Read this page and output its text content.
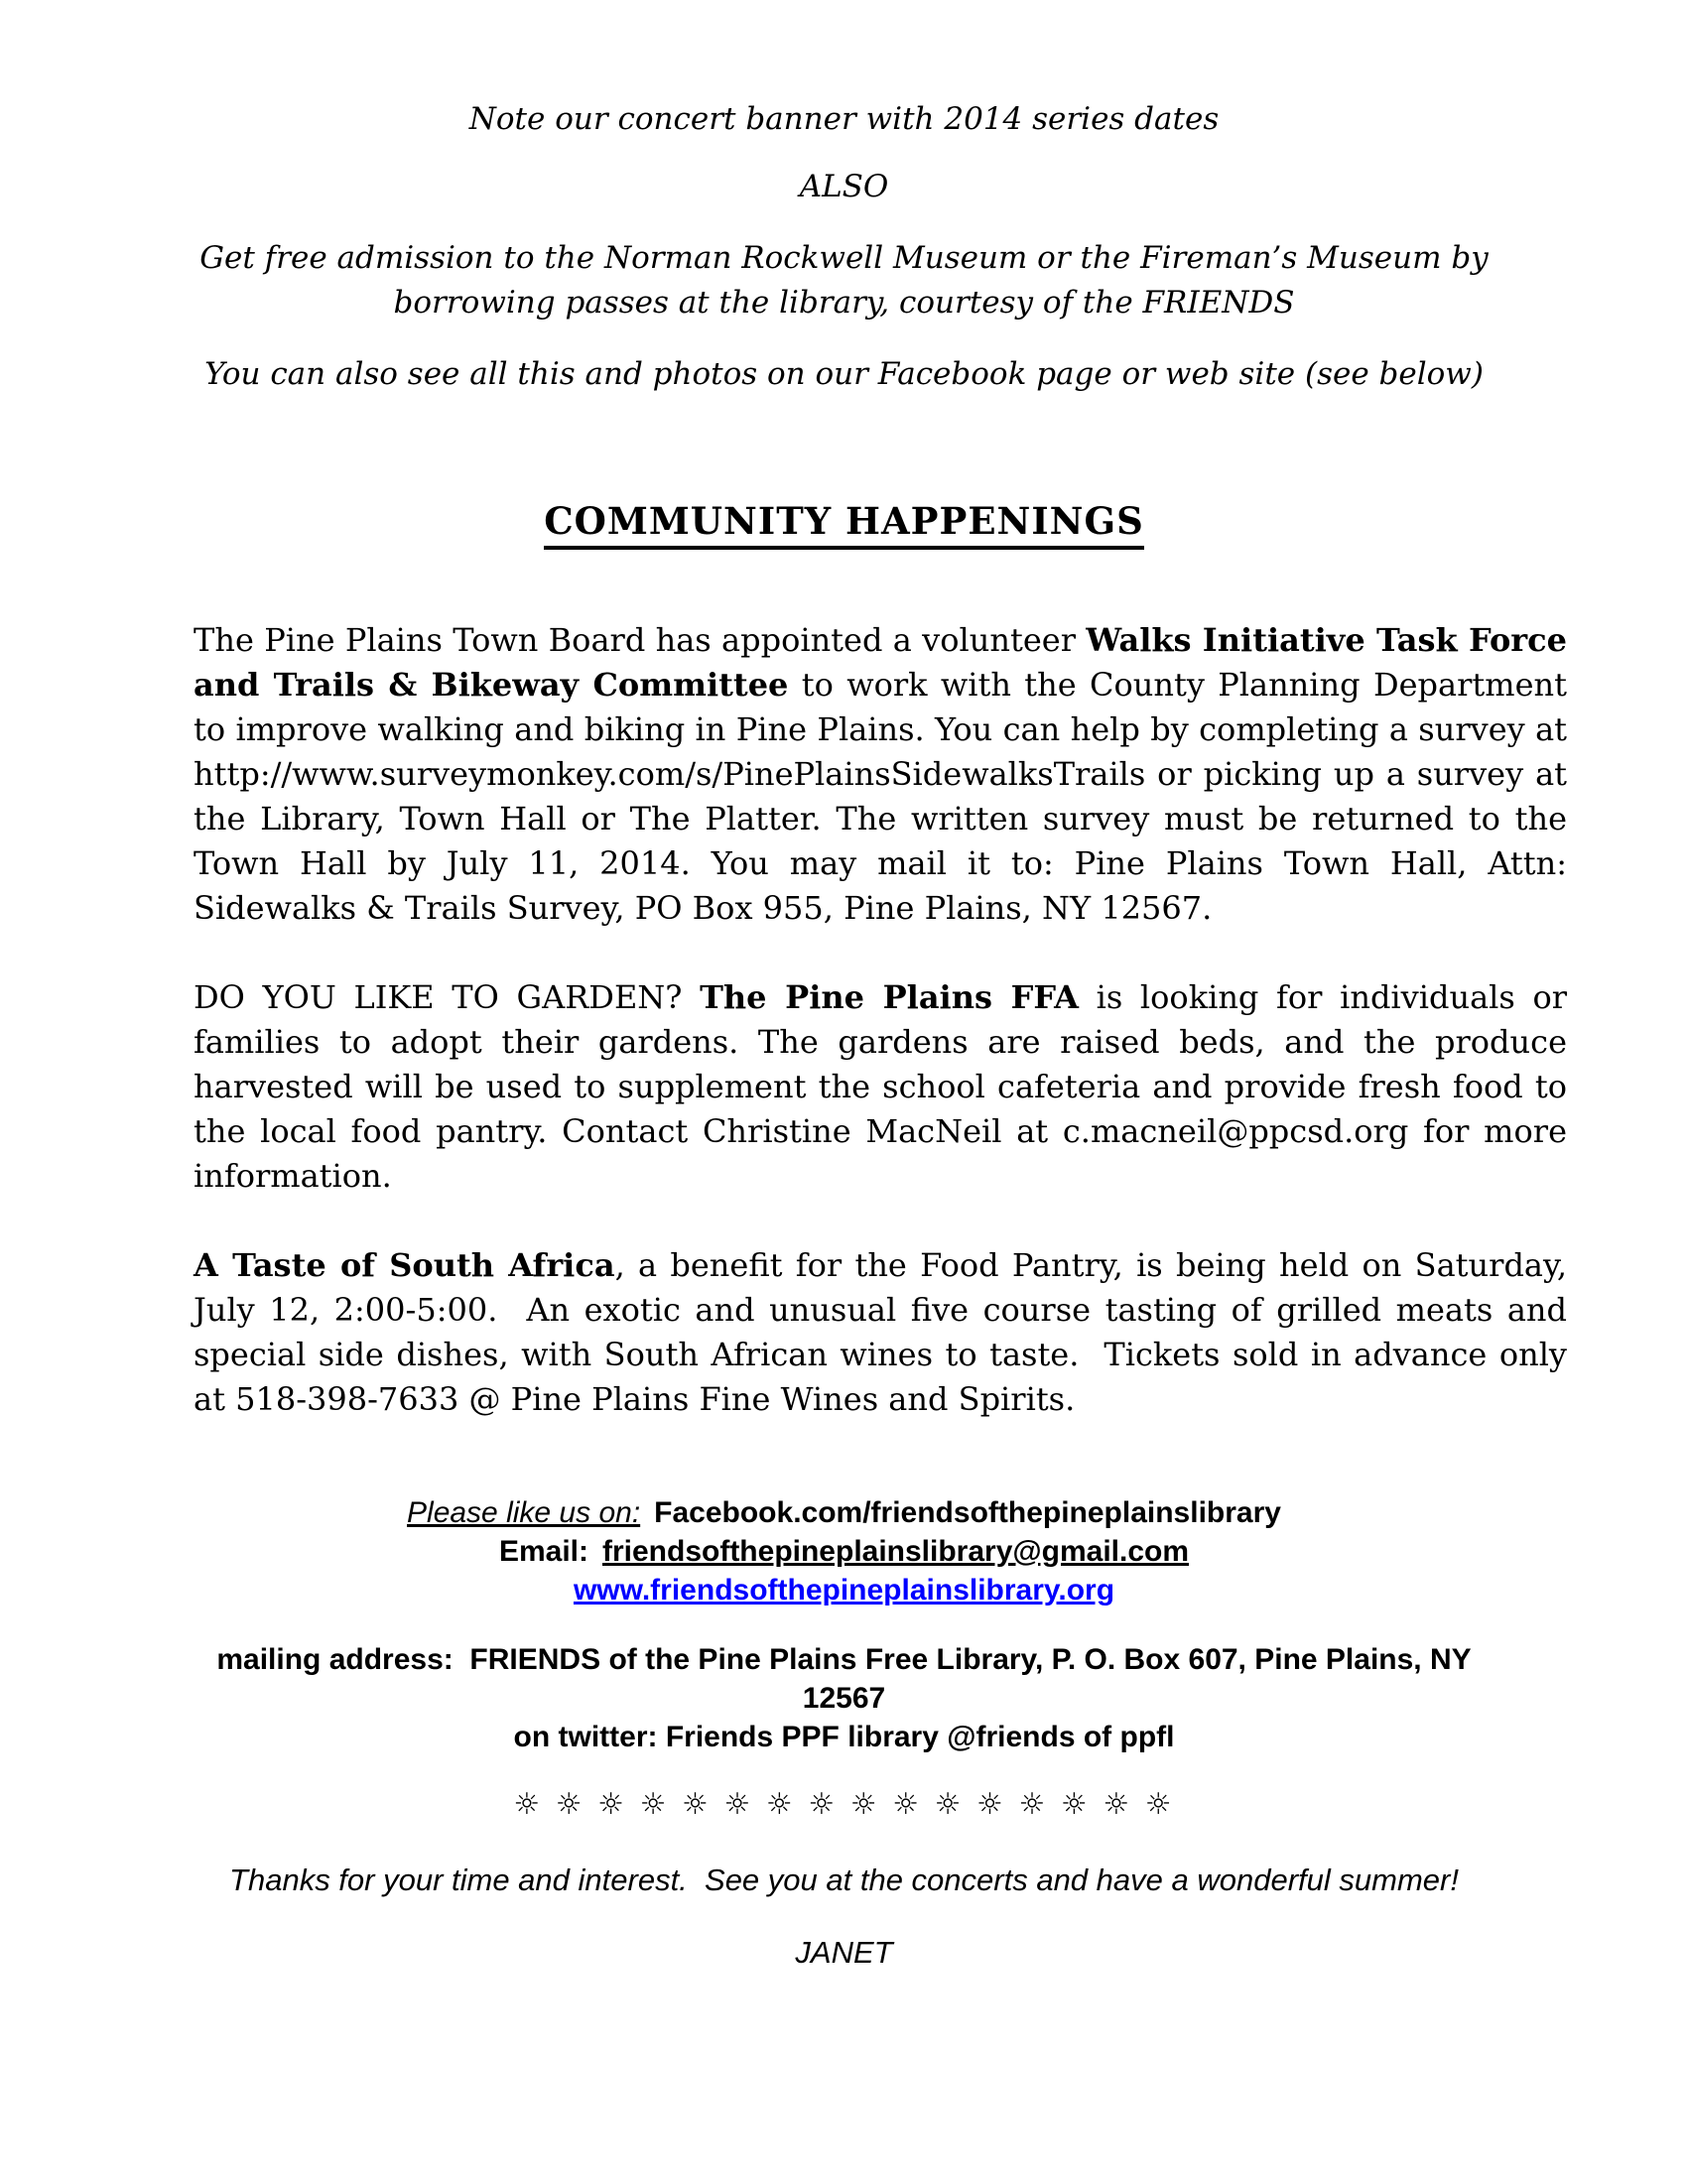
Note our concert banner with 2014 series dates

ALSO

Get free admission to the Norman Rockwell Museum or the Fireman’s Museum by borrowing passes at the library, courtesy of the FRIENDS

You can also see all this and photos on our Facebook page or web site (see below)

COMMUNITY HAPPENINGS

The Pine Plains Town Board has appointed a volunteer Walks Initiative Task Force and Trails & Bikeway Committee to work with the County Planning Department to improve walking and biking in Pine Plains. You can help by completing a survey at http://www.surveymonkey.com/s/PinePlainsSidewalksTrails or picking up a survey at the Library, Town Hall or The Platter. The written survey must be returned to the Town Hall by July 11, 2014. You may mail it to: Pine Plains Town Hall, Attn: Sidewalks & Trails Survey, PO Box 955, Pine Plains, NY 12567.

DO YOU LIKE TO GARDEN? The Pine Plains FFA is looking for individuals or families to adopt their gardens. The gardens are raised beds, and the produce harvested will be used to supplement the school cafeteria and provide fresh food to the local food pantry. Contact Christine MacNeil at c.macneil@ppcsd.org for more information.

A Taste of South Africa, a benefit for the Food Pantry, is being held on Saturday, July 12, 2:00-5:00.  An exotic and unusual five course tasting of grilled meats and special side dishes, with South African wines to taste.  Tickets sold in advance only at 518-398-7633 @ Pine Plains Fine Wines and Spirits.

Please like us on: Facebook.com/friendsofthepineplainslibrary

Email: friendsofthepineplainslibrary@gmail.com

www.friendsofthepineplainslibrary.org

mailing address:  FRIENDS of the Pine Plains Free Library, P. O. Box 607, Pine Plains, NY

12567

on twitter: Friends PPF library @friends of ppfl

☼ ☼ ☼ ☼ ☼ ☼ ☼ ☼ ☼ ☼ ☼ ☼ ☼ ☼ ☼ ☼

Thanks for your time and interest.  See you at the concerts and have a wonderful summer!

JANET
